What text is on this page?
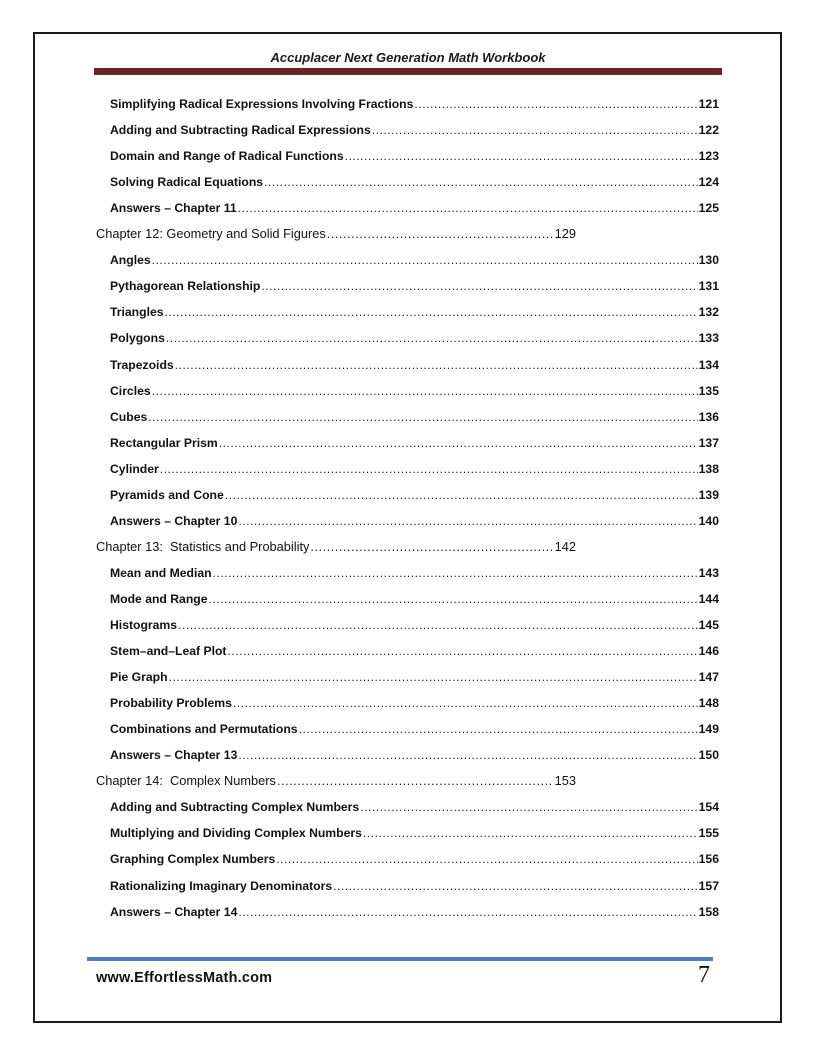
Accuplacer Next Generation Math Workbook
Simplifying Radical Expressions Involving Fractions .....	121
Adding and Subtracting Radical Expressions .....	122
Domain and Range of Radical Functions .....	123
Solving Radical Equations .....	124
Answers – Chapter 11 .....	125
Chapter 12: Geometry and Solid Figures .....	129
Angles .....	130
Pythagorean Relationship .....	131
Triangles .....	132
Polygons .....	133
Trapezoids .....	134
Circles .....	135
Cubes .....	136
Rectangular Prism .....	137
Cylinder .....	138
Pyramids and Cone .....	139
Answers – Chapter 10 .....	140
Chapter 13:  Statistics and Probability .....	142
Mean and Median .....	143
Mode and Range .....	144
Histograms .....	145
Stem–and–Leaf Plot .....	146
Pie Graph .....	147
Probability Problems .....	148
Combinations and Permutations .....	149
Answers – Chapter 13 .....	150
Chapter 14:  Complex Numbers .....	153
Adding and Subtracting Complex Numbers .....	154
Multiplying and Dividing Complex Numbers .....	155
Graphing Complex Numbers .....	156
Rationalizing Imaginary Denominators .....	157
Answers – Chapter 14 .....	158
www.EffortlessMath.com	7
